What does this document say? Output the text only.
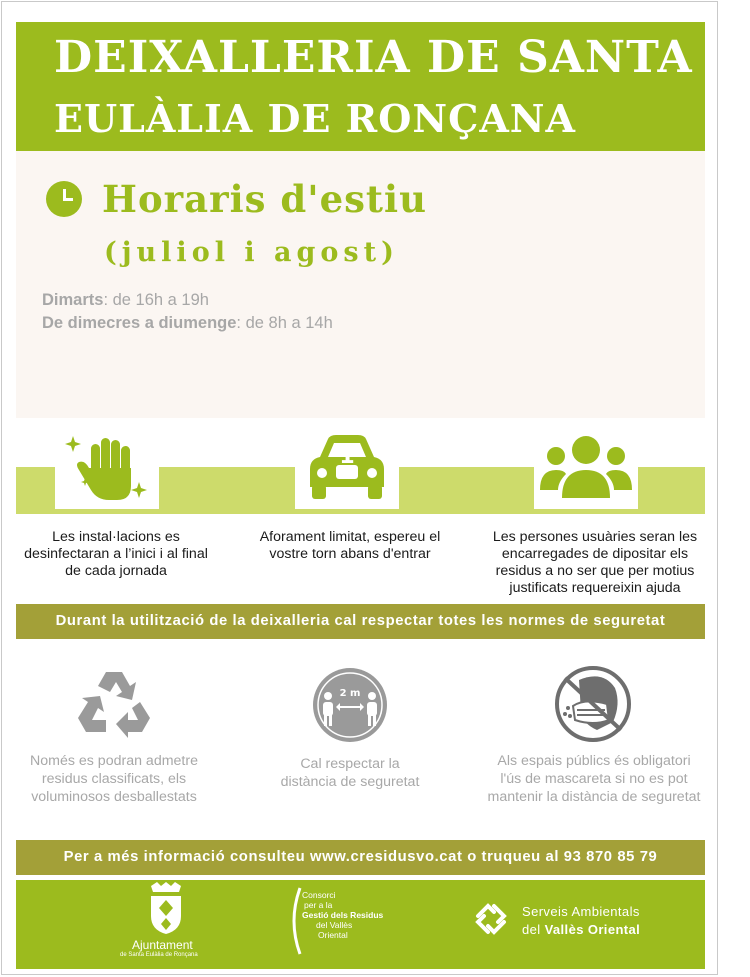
DEIXALLERIA DE SANTA
EULÀLIA DE RONÇANA
Horaris d'estiu
(juliol i agost)
Dimarts: de 16h a 19h
De dimecres a diumenge: de 8h a 14h
1
Les instal·lacions es
desinfectaran a l’inici i al final
de cada jornada
Aforament limitat, espereu el
vostre torn abans d'entrar
Les persones usuàries seran les
encarregades de dipositar els
residus a no ser que per motius
justificats requereixin ajuda
Durant la utilització de la deixalleria cal respectar totes les normes de seguretat
2 m
Només es podran admetre
residus classificats, els
voluminosos desballestats
Cal respectar la
distància de seguretat
Als espais públics és obligatori
l'ús de mascareta si no es pot
mantenir la distància de seguretat
Per a més informació consulteu www.cresidusvo.cat o truqueu al 93 870 85 79
Ajuntament
de Santa Eulàlia de Ronçana
Consorci
per a la
Gestió dels Residus
del Vallès
Oriental
Serveis Ambientals
del Vallès Oriental
